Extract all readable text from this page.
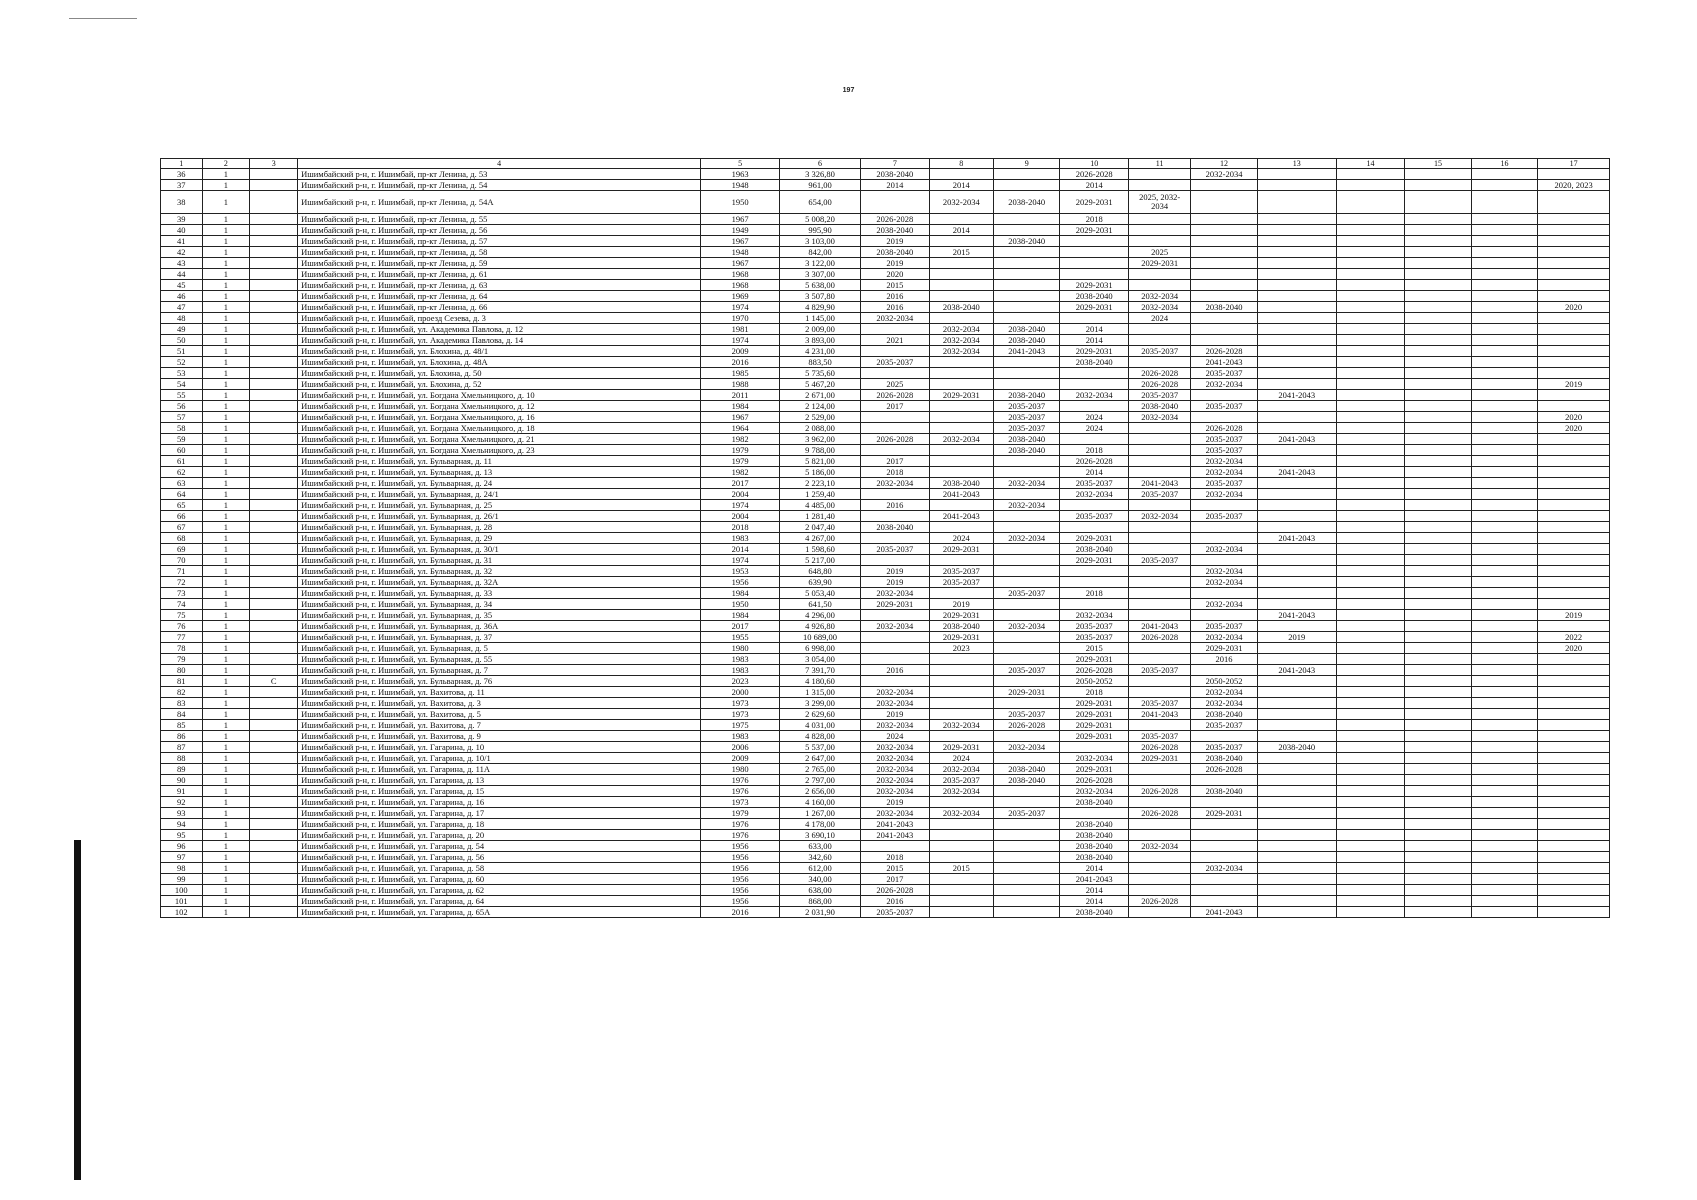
197
1	2	3	4	5	6	7	8	9	10	11	12	13	14	15	16	17
36	1		Ишимбайский р-н, г. Ишимбай, пр-кт Ленина, д. 53	1963	3 326,80	2038-2040			2026-2028		2032-2034					
37	1		Ишимбайский р-н, г. Ишимбай, пр-кт Ленина, д. 54	1948	961,00	2014	2014		2014							2020, 2023
38	1		Ишимбайский р-н, г. Ишимбай, пр-кт Ленина, д. 54А	1950	654,00		2032-2034	2038-2040	2029-2031	2025, 2032-2034						
39	1		Ишимбайский р-н, г. Ишимбай, пр-кт Ленина, д. 55	1967	5 008,20	2026-2028			2018							
40	1		Ишимбайский р-н, г. Ишимбай, пр-кт Ленина, д. 56	1949	995,90	2038-2040	2014		2029-2031							
41	1		Ишимбайский р-н, г. Ишимбай, пр-кт Ленина, д. 57	1967	3 103,00	2019		2038-2040								
42	1		Ишимбайский р-н, г. Ишимбай, пр-кт Ленина, д. 58	1948	842,00	2038-2040	2015			2025						
43	1		Ишимбайский р-н, г. Ишимбай, пр-кт Ленина, д. 59	1967	3 122,00	2019				2029-2031						
44	1		Ишимбайский р-н, г. Ишимбай, пр-кт Ленина, д. 61	1968	3 307,00	2020										
45	1		Ишимбайский р-н, г. Ишимбай, пр-кт Ленина, д. 63	1968	5 638,00	2015			2029-2031							
46	1		Ишимбайский р-н, г. Ишимбай, пр-кт Ленина, д. 64	1969	3 507,80	2016			2038-2040	2032-2034						
47	1		Ишимбайский р-н, г. Ишимбай, пр-кт Ленина, д. 66	1974	4 829,90	2016	2038-2040		2029-2031	2032-2034	2038-2040					2020
48	1		Ишимбайский р-н, г. Ишимбай, проезд Сезева, д. 3	1970	1 145,00	2032-2034				2024						
49	1		Ишимбайский р-н, г. Ишимбай, ул. Академика Павлова, д. 12	1981	2 009,00		2032-2034	2038-2040	2014							
50	1		Ишимбайский р-н, г. Ишимбай, ул. Академика Павлова, д. 14	1974	3 893,00	2021	2032-2034	2038-2040	2014							
51	1		Ишимбайский р-н, г. Ишимбай, ул. Блохина, д. 48/1	2009	4 231,00		2032-2034	2041-2043	2029-2031	2035-2037	2026-2028					
52	1		Ишимбайский р-н, г. Ишимбай, ул. Блохина, д. 48А	2016	883,50	2035-2037			2038-2040		2041-2043					
53	1		Ишимбайский р-н, г. Ишимбай, ул. Блохина, д. 50	1985	5 735,60					2026-2028	2035-2037					
54	1		Ишимбайский р-н, г. Ишимбай, ул. Блохина, д. 52	1988	5 467,20	2025				2026-2028	2032-2034					2019
55	1		Ишимбайский р-н, г. Ишимбай, ул. Богдана Хмельницкого, д. 10	2011	2 671,00	2026-2028	2029-2031	2038-2040	2032-2034	2035-2037		2041-2043				
56	1		Ишимбайский р-н, г. Ишимбай, ул. Богдана Хмельницкого, д. 12	1984	2 124,00	2017		2035-2037		2038-2040	2035-2037					
57	1		Ишимбайский р-н, г. Ишимбай, ул. Богдана Хмельницкого, д. 16	1967	2 529,00			2035-2037	2024	2032-2034						2020
58	1		Ишимбайский р-н, г. Ишимбай, ул. Богдана Хмельницкого, д. 18	1964	2 088,00			2035-2037	2024		2026-2028					2020
59	1		Ишимбайский р-н, г. Ишимбай, ул. Богдана Хмельницкого, д. 21	1982	3 962,00	2026-2028	2032-2034	2038-2040			2035-2037	2041-2043				
60	1		Ишимбайский р-н, г. Ишимбай, ул. Богдана Хмельницкого, д. 23	1979	9 788,00			2038-2040	2018		2035-2037					
61	1		Ишимбайский р-н, г. Ишимбай, ул. Бульварная, д. 11	1979	5 821,00	2017			2026-2028		2032-2034					
62	1		Ишимбайский р-н, г. Ишимбай, ул. Бульварная, д. 13	1982	5 186,00	2018			2014		2032-2034	2041-2043				
63	1		Ишимбайский р-н, г. Ишимбай, ул. Бульварная, д. 24	2017	2 223,10	2032-2034	2038-2040	2032-2034	2035-2037	2041-2043	2035-2037					
64	1		Ишимбайский р-н, г. Ишимбай, ул. Бульварная, д. 24/1	2004	1 259,40		2041-2043		2032-2034	2035-2037	2032-2034					
65	1		Ишимбайский р-н, г. Ишимбай, ул. Бульварная, д. 25	1974	4 485,00	2016		2032-2034								
66	1		Ишимбайский р-н, г. Ишимбай, ул. Бульварная, д. 26/1	2004	1 281,40		2041-2043		2035-2037	2032-2034	2035-2037					
67	1		Ишимбайский р-н, г. Ишимбай, ул. Бульварная, д. 28	2018	2 047,40	2038-2040										
68	1		Ишимбайский р-н, г. Ишимбай, ул. Бульварная, д. 29	1983	4 267,00		2024	2032-2034	2029-2031			2041-2043				
69	1		Ишимбайский р-н, г. Ишимбай, ул. Бульварная, д. 30/1	2014	1 598,60	2035-2037	2029-2031		2038-2040		2032-2034					
70	1		Ишимбайский р-н, г. Ишимбай, ул. Бульварная, д. 31	1974	5 217,00				2029-2031	2035-2037						
71	1		Ишимбайский р-н, г. Ишимбай, ул. Бульварная, д. 32	1953	648,80	2019	2035-2037				2032-2034					
72	1		Ишимбайский р-н, г. Ишимбай, ул. Бульварная, д. 32А	1956	639,90	2019	2035-2037				2032-2034					
73	1		Ишимбайский р-н, г. Ишимбай, ул. Бульварная, д. 33	1984	5 053,40	2032-2034		2035-2037	2018							
74	1		Ишимбайский р-н, г. Ишимбай, ул. Бульварная, д. 34	1950	641,50	2029-2031	2019				2032-2034					
75	1		Ишимбайский р-н, г. Ишимбай, ул. Бульварная, д. 35	1984	4 296,00		2029-2031		2032-2034			2041-2043				2019
76	1		Ишимбайский р-н, г. Ишимбай, ул. Бульварная, д. 36А	2017	4 926,80	2032-2034	2038-2040	2032-2034	2035-2037	2041-2043	2035-2037					
77	1		Ишимбайский р-н, г. Ишимбай, ул. Бульварная, д. 37	1955	10 689,00		2029-2031		2035-2037	2026-2028	2032-2034	2019				2022
78	1		Ишимбайский р-н, г. Ишимбай, ул. Бульварная, д. 5	1980	6 998,00		2023		2015		2029-2031					2020
79	1		Ишимбайский р-н, г. Ишимбай, ул. Бульварная, д. 55	1983	3 054,00				2029-2031		2016					
80	1		Ишимбайский р-н, г. Ишимбай, ул. Бульварная, д. 7	1983	7 391,70	2016		2035-2037	2026-2028	2035-2037		2041-2043				
81	1	С	Ишимбайский р-н, г. Ишимбай, ул. Бульварная, д. 76	2023	4 180,60				2050-2052		2050-2052					
82	1		Ишимбайский р-н, г. Ишимбай, ул. Вахитова, д. 11	2000	1 315,00	2032-2034		2029-2031	2018		2032-2034					
83	1		Ишимбайский р-н, г. Ишимбай, ул. Вахитова, д. 3	1973	3 299,00	2032-2034			2029-2031	2035-2037	2032-2034					
84	1		Ишимбайский р-н, г. Ишимбай, ул. Вахитова, д. 5	1973	2 629,60	2019		2035-2037	2029-2031	2041-2043	2038-2040					
85	1		Ишимбайский р-н, г. Ишимбай, ул. Вахитова, д. 7	1975	4 031,00	2032-2034	2032-2034	2026-2028	2029-2031		2035-2037					
86	1		Ишимбайский р-н, г. Ишимбай, ул. Вахитова, д. 9	1983	4 828,00	2024			2029-2031	2035-2037						
87	1		Ишимбайский р-н, г. Ишимбай, ул. Гагарина, д. 10	2006	5 537,00	2032-2034	2029-2031	2032-2034		2026-2028	2035-2037	2038-2040				
88	1		Ишимбайский р-н, г. Ишимбай, ул. Гагарина, д. 10/1	2009	2 647,00	2032-2034	2024		2032-2034	2029-2031	2038-2040					
89	1		Ишимбайский р-н, г. Ишимбай, ул. Гагарина, д. 11А	1980	2 765,00	2032-2034	2032-2034	2038-2040	2029-2031		2026-2028					
90	1		Ишимбайский р-н, г. Ишимбай, ул. Гагарина, д. 13	1976	2 797,00	2032-2034	2035-2037	2038-2040	2026-2028							
91	1		Ишимбайский р-н, г. Ишимбай, ул. Гагарина, д. 15	1976	2 656,00	2032-2034	2032-2034		2032-2034	2026-2028	2038-2040					
92	1		Ишимбайский р-н, г. Ишимбай, ул. Гагарина, д. 16	1973	4 160,00	2019			2038-2040							
93	1		Ишимбайский р-н, г. Ишимбай, ул. Гагарина, д. 17	1979	1 267,00	2032-2034	2032-2034	2035-2037		2026-2028	2029-2031					
94	1		Ишимбайский р-н, г. Ишимбай, ул. Гагарина, д. 18	1976	4 178,00	2041-2043			2038-2040							
95	1		Ишимбайский р-н, г. Ишимбай, ул. Гагарина, д. 20	1976	3 690,10	2041-2043			2038-2040							
96	1		Ишимбайский р-н, г. Ишимбай, ул. Гагарина, д. 54	1956	633,00				2038-2040	2032-2034						
97	1		Ишимбайский р-н, г. Ишимбай, ул. Гагарина, д. 56	1956	342,60	2018			2038-2040							
98	1		Ишимбайский р-н, г. Ишимбай, ул. Гагарина, д. 58	1956	612,00	2015	2015		2014		2032-2034					
99	1		Ишимбайский р-н, г. Ишимбай, ул. Гагарина, д. 60	1956	340,00	2017			2041-2043							
100	1		Ишимбайский р-н, г. Ишимбай, ул. Гагарина, д. 62	1956	638,00	2026-2028			2014							
101	1		Ишимбайский р-н, г. Ишимбай, ул. Гагарина, д. 64	1956	868,00	2016			2014	2026-2028						
102	1		Ишимбайский р-н, г. Ишимбай, ул. Гагарина, д. 65А	2016	2 031,90	2035-2037			2038-2040		2041-2043					
